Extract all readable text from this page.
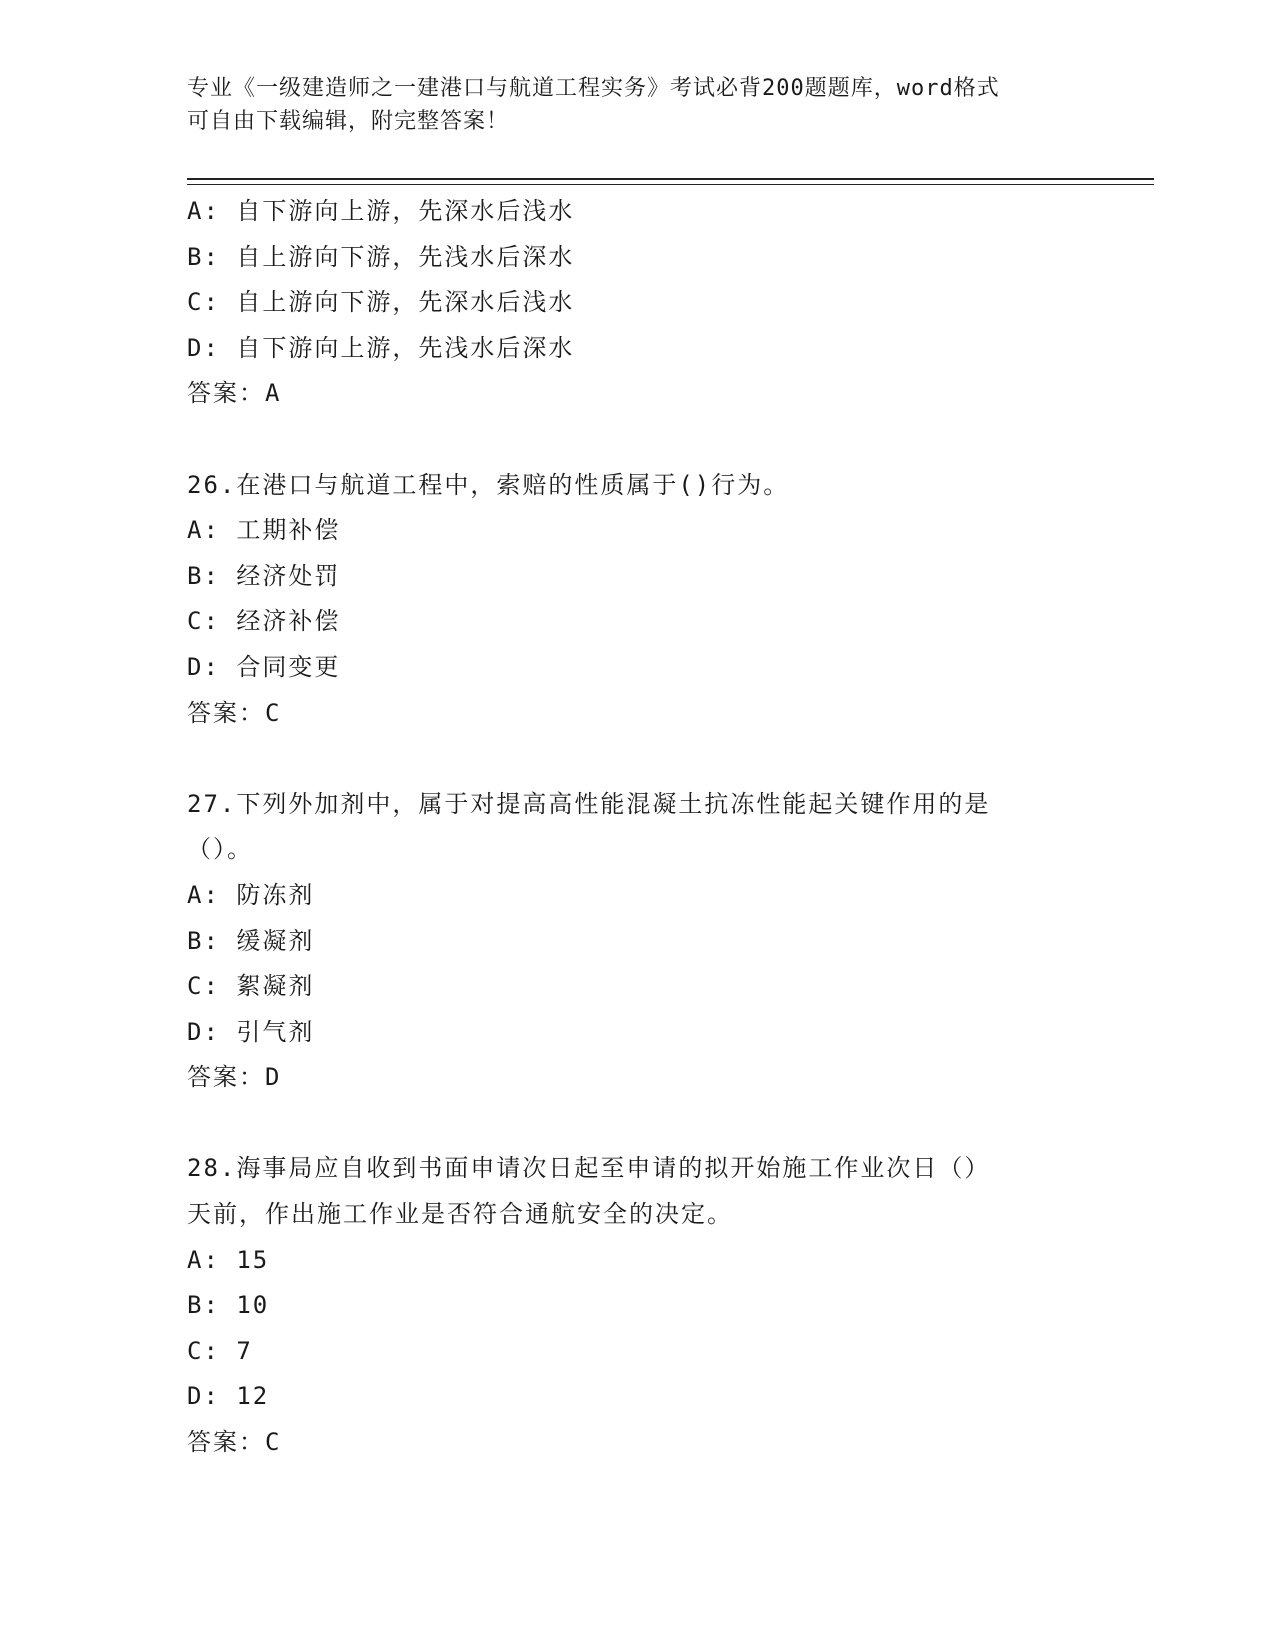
专业《一级建造师之一建港口与航道工程实务》考试必背200题题库，word格式
可自由下载编辑，附完整答案！
A: 自下游向上游，先深水后浅水
B: 自上游向下游，先浅水后深水
C: 自上游向下游，先深水后浅水
D: 自下游向上游，先浅水后深水
答案：A
26.在港口与航道工程中，索赔的性质属于()行为。
A: 工期补偿
B: 经济处罚
C: 经济补偿
D: 合同变更
答案：C
27.下列外加剂中，属于对提高高性能混凝土抗冻性能起关键作用的是
（）。
A: 防冻剂
B: 缓凝剂
C: 絮凝剂
D: 引气剂
答案：D
28.海事局应自收到书面申请次日起至申请的拟开始施工作业次日（）
天前，作出施工作业是否符合通航安全的决定。
A: 15
B: 10
C: 7
D: 12
答案：C
